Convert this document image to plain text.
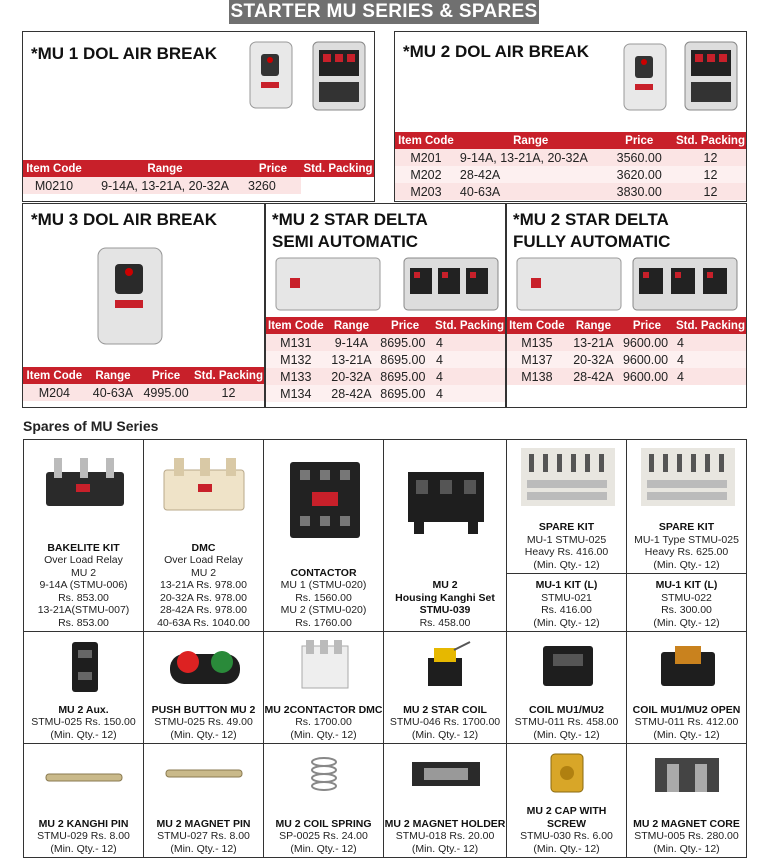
STARTER MU SERIES & SPARES
*MU 1 DOL AIR BREAK
Item Code	Range	Price	Std. Packing
M0210	9-14A, 13-21A, 20-32A	3260	
*MU 2 DOL AIR BREAK
Item Code	Range	Price	Std. Packing
M201	9-14A, 13-21A, 20-32A	3560.00	12
M202	28-42A	3620.00	12
M203	40-63A	3830.00	12
*MU 3 DOL AIR BREAK
Item Code	Range	Price	Std. Packing
M204	40-63A	4995.00	12
*MU 2 STAR DELTA
SEMI AUTOMATIC
Item Code	Range	Price	Std. Packing
M131	9-14A	8695.00	4
M132	13-21A	8695.00	4
M133	20-32A	8695.00	4
M134	28-42A	8695.00	4
*MU 2 STAR DELTA
FULLY AUTOMATIC
Item Code	Range	Price	Std. Packing
M135	13-21A	9600.00	4
M137	20-32A	9600.00	4
M138	28-42A	9600.00	4
Spares of MU Series
BAKELITE KIT
Over Load Relay
MU 2
9-14A (STMU-006)
Rs. 853.00
13-21A(STMU-007)
Rs. 853.00
DMC
Over Load Relay
MU 2
13-21A Rs. 978.00
20-32A Rs. 978.00
28-42A Rs. 978.00
40-63A Rs. 1040.00
CONTACTOR
MU 1 (STMU-020)
Rs. 1560.00
MU 2 (STMU-020)
Rs. 1760.00
MU 2
Housing Kanghi Set
STMU-039
Rs. 458.00
SPARE KIT
MU-1 STMU-025
Heavy Rs. 416.00
(Min. Qty.- 12)
SPARE KIT
MU-1 Type STMU-025
Heavy Rs. 625.00
(Min. Qty.- 12)
MU-1 KIT (L)
STMU-021
Rs. 416.00
(Min. Qty.- 12)
MU-1 KIT (L)
STMU-022
Rs. 300.00
(Min. Qty.- 12)
MU 2 Aux.
STMU-025 Rs. 150.00
(Min. Qty.- 12)
PUSH BUTTON MU 2
STMU-025 Rs. 49.00
(Min. Qty.- 12)
MU 2CONTACTOR DMC
Rs. 1700.00
(Min. Qty.- 12)
MU 2 STAR COIL
STMU-046 Rs. 1700.00
(Min. Qty.- 12)
COIL MU1/MU2
STMU-011 Rs. 458.00
(Min. Qty.- 12)
COIL MU1/MU2 OPEN
STMU-011 Rs. 412.00
(Min. Qty.- 12)
MU 2 KANGHI PIN
STMU-029 Rs. 8.00
(Min. Qty.- 12)
MU 2 MAGNET PIN
STMU-027 Rs. 8.00
(Min. Qty.- 12)
MU 2 COIL SPRING
SP-0025 Rs. 24.00
(Min. Qty.- 12)
MU 2 MAGNET HOLDER
STMU-018 Rs. 20.00
(Min. Qty.- 12)
MU 2 CAP WITH SCREW
STMU-030 Rs. 6.00
(Min. Qty.- 12)
MU 2 MAGNET CORE
STMU-005 Rs. 280.00
(Min. Qty.- 12)
